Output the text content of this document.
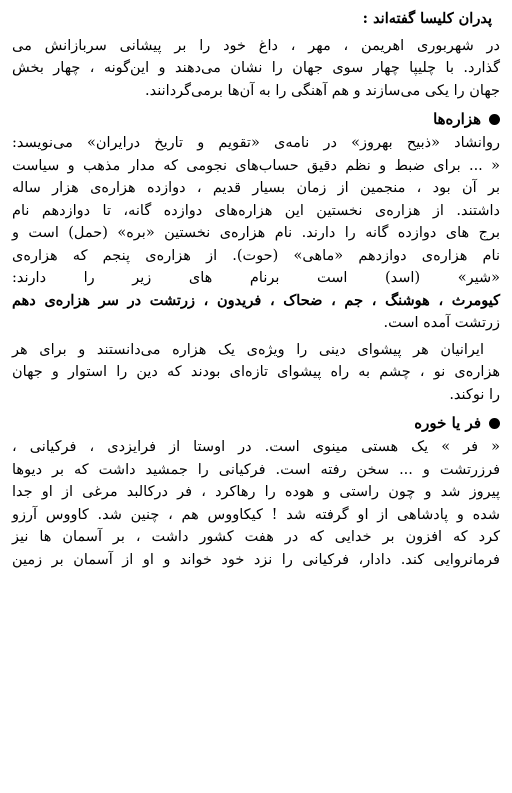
پدران کلیسا گفته‌اند :

در شهربوری اهریمن ، مهر ، داغ خود را بر پیشانی سربازانش می
گذارد. با چلیپا چهار سوی جهان را نشان می‌دهند و این‌گونه ، چهار بخش
جهان را یکی می‌سازند و هم آهنگی را به آن‌ها برمی‌گردانند.

هزاره‌ها

روانشاد «ذبیح بهروز» در نامه‌ی «تقویم و تاریخ درایران» می‌نویسد:
« ... برای ضبط و نظم دقیق حساب‌های نجومی که مدار مذهب و سیاست
بر آن بود ، منجمین از زمان بسیار قدیم ، دوازده هزاره‌ی هزار ساله
داشتند. از هزاره‌ی نخستین این هزاره‌های دوازده گانه، تا دوازدهم نام
برج های دوازده گانه را دارند. نام هزاره‌ی نخستین «بره» (حمل) است و
نام هزاره‌ی دوازدهم «ماهی» (حوت). از هزاره‌ی پنجم که هزاره‌ی
«شیر» (اسد) است برنام های زیر را دارند:
کیومرث ، هوشنگ ، جم ، ضحاک ، فریدون ، زرتشت در سر هزاره‌ی دهم
زرتشت آمده است.

ایرانیان هر پیشوای دینی را ویژه‌ی یک هزاره می‌دانستند و برای هر
هزاره‌ی نو ، چشم به راه پیشوای تازه‌ای بودند که دین را استوار و جهان
را نوکند.

فر یا خوره

« فر » یک هستی مینوی است. در اوستا از فرایزدی ، فرکیانی ،
فرزرتشت و ... سخن رفته است. فرکیانی را جمشید داشت که بر دیوها
پیروز شد و چون راستی و هوده را رهاکرد ، فر درکالبد مرغی از او جدا
شده و پادشاهی از او گرفته شد ! کیکاووس هم ، چنین شد. کاووس آرزو
کرد که افزون بر خدایی که در هفت کشور داشت ، بر آسمان ها نیز
فرمانروایی کند. دادار، فرکیانی را نزد خود خواند و او از آسمان بر زمین
